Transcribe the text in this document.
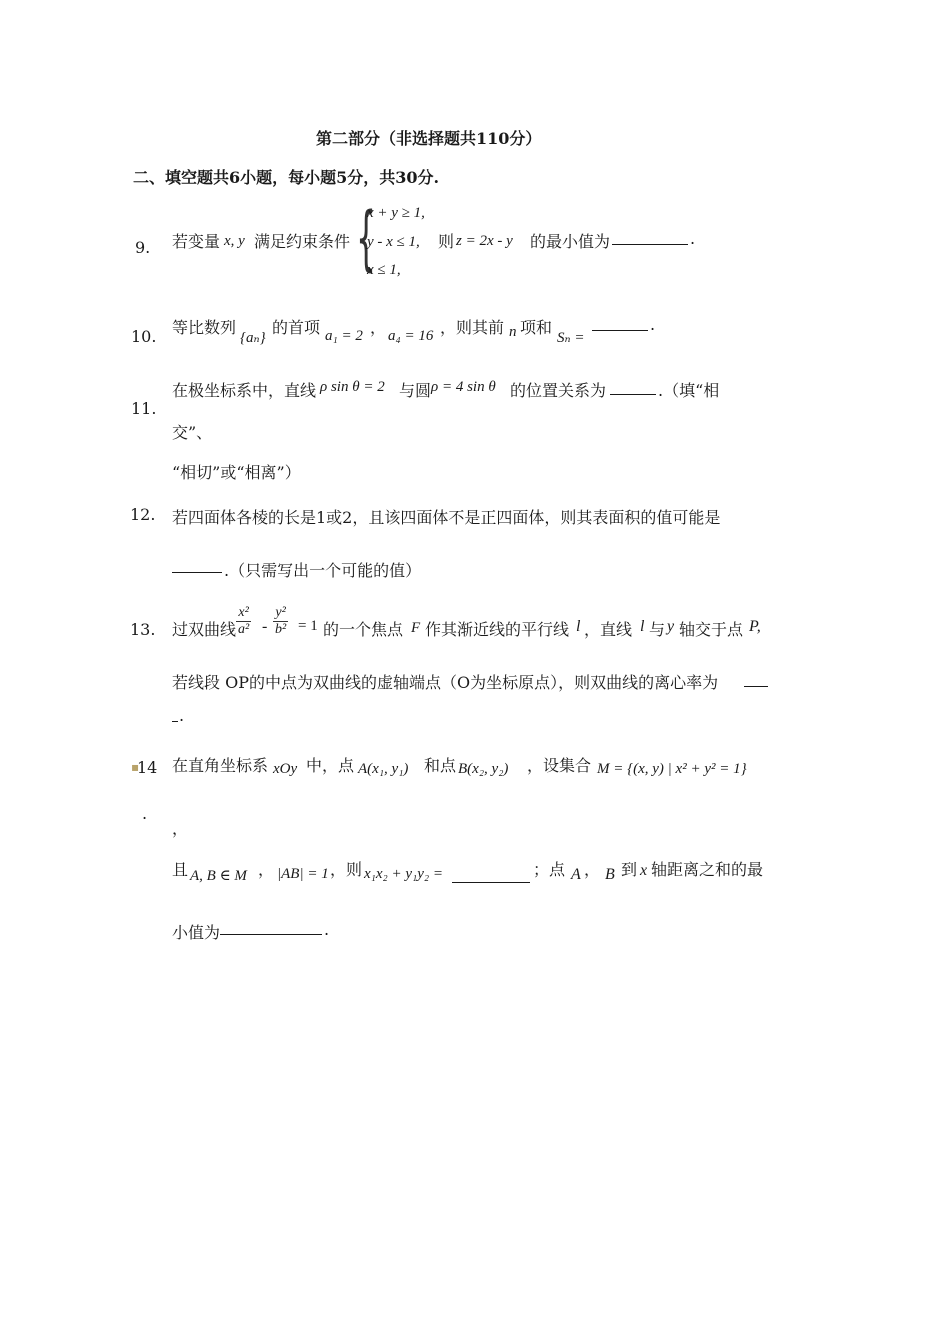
第二部分（非选择题共110分）
二、填空题共6小题，每小题5分，共30分.
9. 若变量 x, y 满足约束条件 {
x + y ≥ 1,
y - x ≤ 1,
x ≤ 1,
则 z = 2x - y 的最小值为	.
10. 等比数列
{aₙ}
的首项 a₁ = 2 ， a₄ = 16 ，则其前 n 项和
Sₙ =
.
11.
在极坐标系中，直线 ρ sin θ = 2 与圆 ρ = 4 sin θ 的位置关系为	.（填“相
交”、
“相切”或“相离”）
12. 若四面体各棱的长是1或2，且该四面体不是正四面体，则其表面积的值可能是
.（只需写出一个可能的值）
13. 过双曲线 $\frac{\text{x²}}{\text{a²}} - \frac{\text{y²}}{\text{b²}} = 1$ 的一个焦点 F 作其渐近线的平行线 l ，直线 l 与 y 轴交于点 P,
若线段 OP的中点为双曲线的虚轴端点（O为坐标原点），则双曲线的离心率为
.
▪
14
.
在直角坐标系 xOy 中，点 A(x₁, y₁) 和点 B(x₂, y₂) ，设集合 M = {(x, y) | x² + y² = 1}
，
且 A, B ∈ M ， |AB| = 1 ，则 x₁x₂ + y₁y₂ =	；点 A ， B 到 x 轴距离之和的最
小值为	.
